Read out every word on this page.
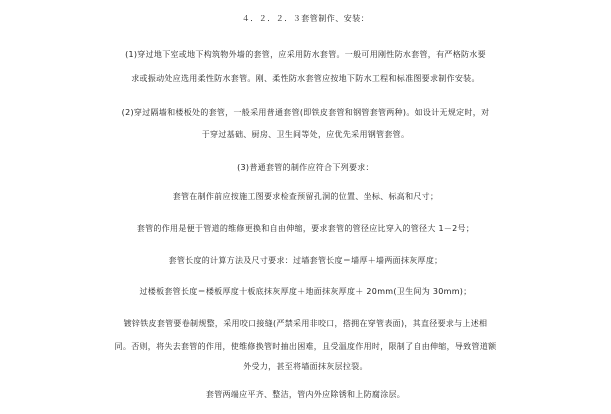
４．２．２．３套管制作、安装：
(1)穿过地下室或地下构筑物外墙的套管，应采用防水套管。一般可用刚性防水套管，有严格防水要
求或振动处应选用柔性防水套管。刚、柔性防水套管应按地下防水工程和标准图要求制作安装。
(2)穿过隔墙和楼板处的套管，一般采用普通套管(即铁皮套管和钢管套管两种)。如设计无规定时，对
于穿过基础、厨房、卫生间等处，应优先采用钢管套管。
(3)普通套管的制作应符合下列要求：
套管在制作前应按施工图要求检查预留孔洞的位置、坐标、标高和尺寸；
套管的作用是便于管道的维修更换和自由伸缩，要求套管的管径应比穿入的管径大 1－2号；
套管长度的计算方法及尺寸要求：过墙套管长度＝墙厚＋墙两面抹灰厚度；
过楼板套管长度＝楼板厚度十板底抹灰厚度＋地面抹灰厚度＋ 20mm(卫生间为 30mm)；
镀锌铁皮套管要卷制规整，采用咬口接缝(严禁采用非咬口，搭拥在穿管表面)，其直径要求与上述相
同。否则，将失去套管的作用，使维修换管时抽出困难，且受温度作用时，限制了自由伸缩，导致管道额
外受力，甚至将墙面抹灰层拉裂。
套管两端应平齐、整洁，管内外应除锈和上防腐涂层。
